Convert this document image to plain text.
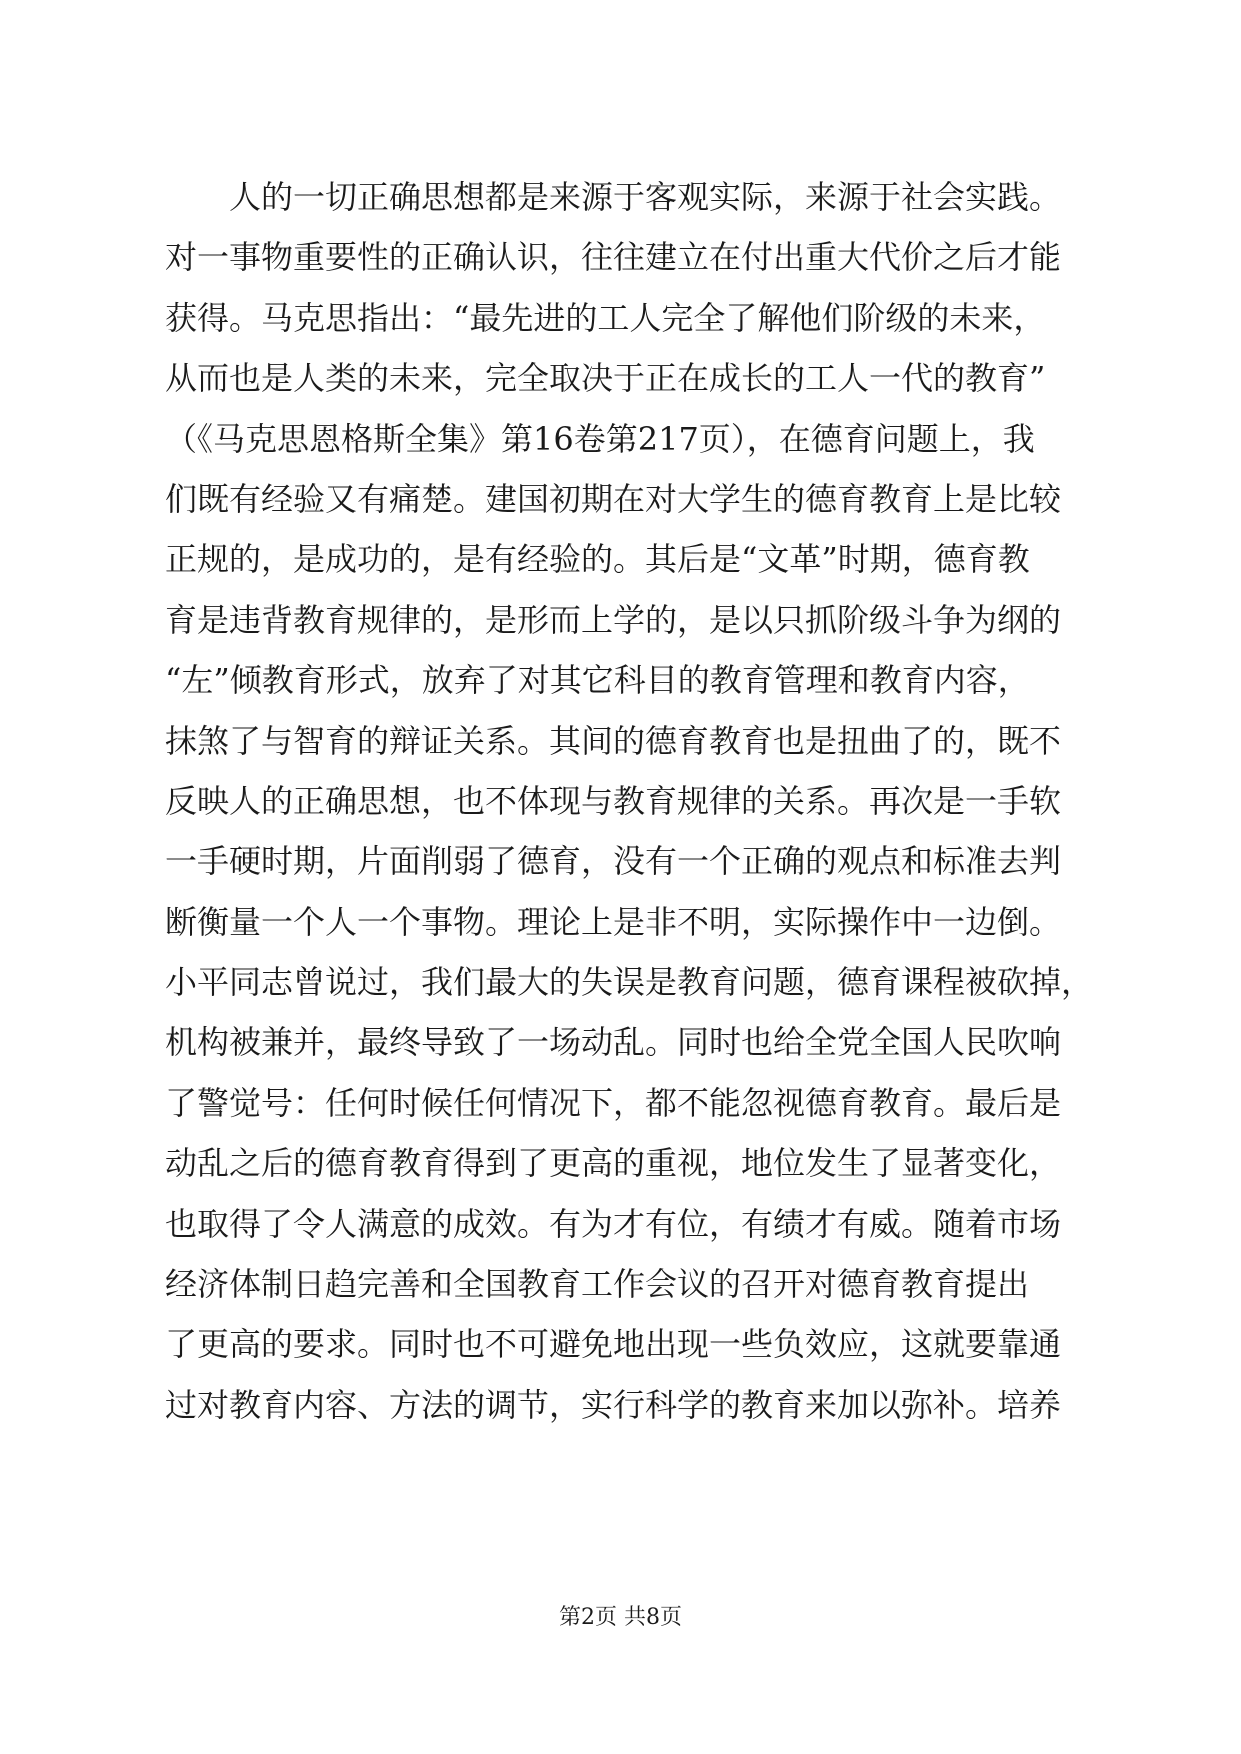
　　人的一切正确思想都是来源于客观实际，来源于社会实践。
对一事物重要性的正确认识，往往建立在付出重大代价之后才能
获得。马克思指出：“最先进的工人完全了解他们阶级的未来，
从而也是人类的未来，完全取决于正在成长的工人一代的教育”
（《马克思恩格斯全集》第16卷第217页），在德育问题上，我
们既有经验又有痛楚。建国初期在对大学生的德育教育上是比较
正规的，是成功的，是有经验的。其后是“文革”时期，德育教
育是违背教育规律的，是形而上学的，是以只抓阶级斗争为纲的
“左”倾教育形式，放弃了对其它科目的教育管理和教育内容，
抹煞了与智育的辩证关系。其间的德育教育也是扭曲了的，既不
反映人的正确思想，也不体现与教育规律的关系。再次是一手软
一手硬时期，片面削弱了德育，没有一个正确的观点和标准去判
断衡量一个人一个事物。理论上是非不明，实际操作中一边倒。
小平同志曾说过，我们最大的失误是教育问题，德育课程被砍掉，
机构被兼并，最终导致了一场动乱。同时也给全党全国人民吹响
了警觉号：任何时候任何情况下，都不能忽视德育教育。最后是
动乱之后的德育教育得到了更高的重视，地位发生了显著变化，
也取得了令人满意的成效。有为才有位，有绩才有威。随着市场
经济体制日趋完善和全国教育工作会议的召开对德育教育提出
了更高的要求。同时也不可避免地出现一些负效应，这就要靠通
过对教育内容、方法的调节，实行科学的教育来加以弥补。培养
第2页 共8页
